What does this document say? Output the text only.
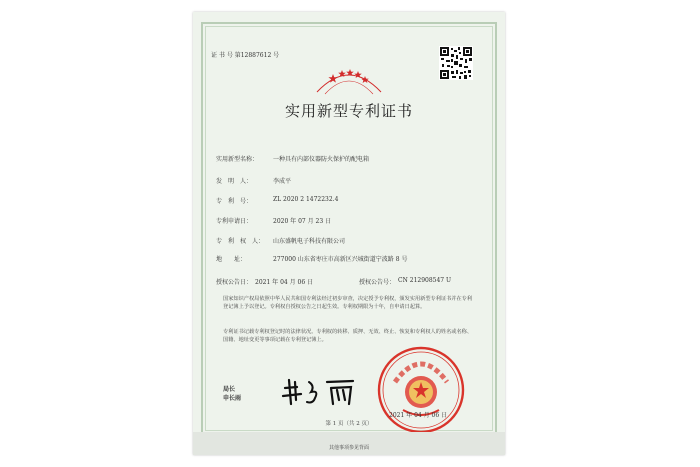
证 书 号 第12887612 号
实用新型专利证书
实用新型名称： 一种具有内部仪器防火保护的配电箱
发　明　人：	李成平
专　利　号：	ZL 2020 2 1472232.4
专利申请日：	2020 年 07 月 23 日
专　利　权　人： 山东盛帆电子科技有限公司
地　　址：	277000 山东省枣庄市高新区兴城街道宁波路 8 号
授权公告日： 2021 年 04 月 06 日	授权公告号： CN 212908547 U
国家知识产权局依照中华人民共和国专利法经过初步审查，决定授予专利权，颁发实用新型专利证书并在专利登记簿上予以登记。专利权自授权公告之日起生效。专利权期限为十年，自申请日起算。
专利证书记载专利权登记时的法律状况。专利权的转移、质押、无效、终止、恢复和专利权人的姓名或名称、国籍、地址变更等事项记载在专利登记簿上。
局长
申长雨
2021 年 04 月 06 日
第 1 页（共 2 页）
其他事项参见背面
